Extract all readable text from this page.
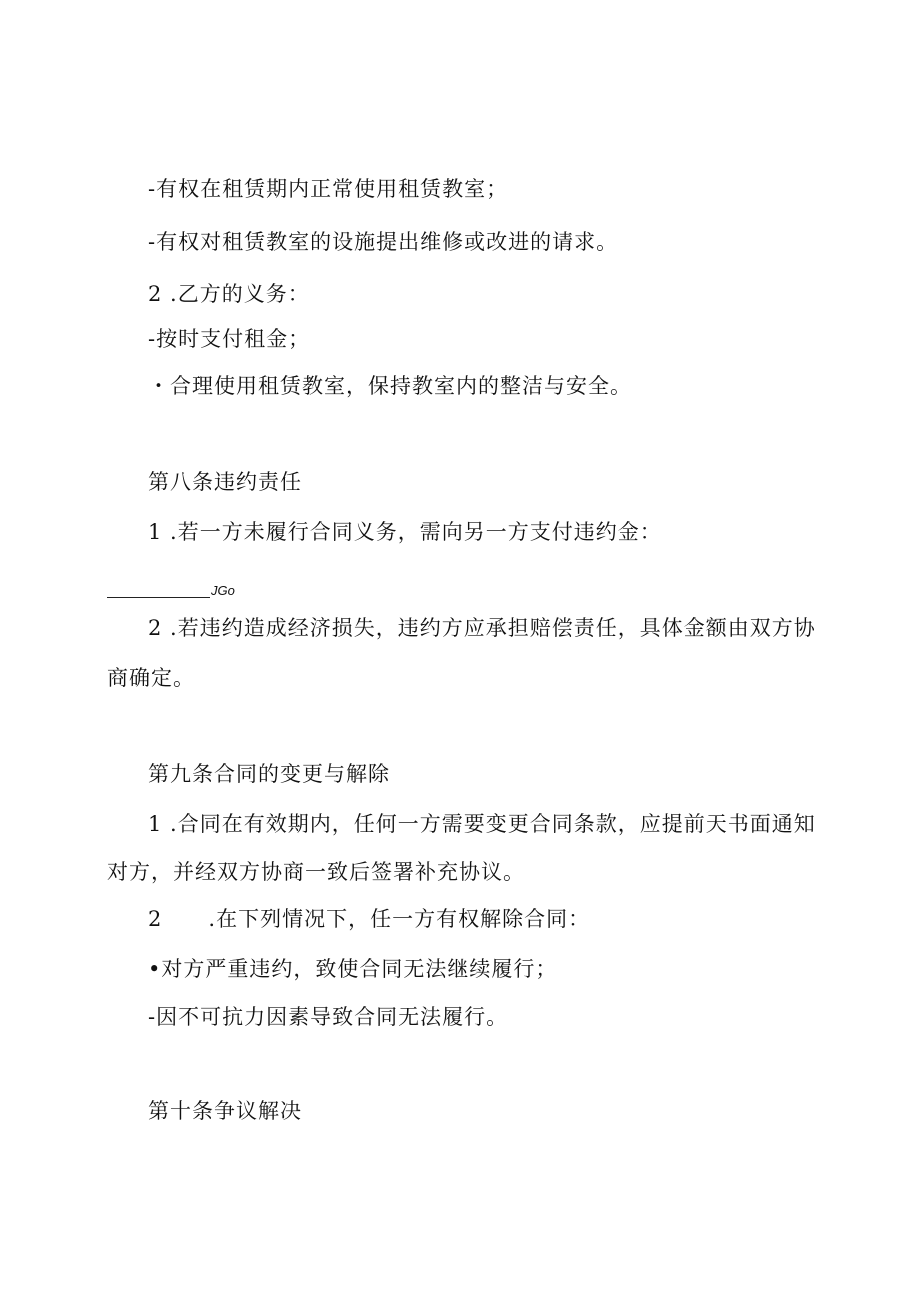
-有权在租赁期内正常使用租赁教室；
-有权对租赁教室的设施提出维修或改进的请求。
2 .乙方的义务：
-按时支付租金；
・合理使用租赁教室，保持教室内的整洁与安全。
第八条违约责任
1 .若一方未履行合同义务，需向另一方支付违约金：
JGo
2 .若违约造成经济损失，违约方应承担赔偿责任，具体金额由双方协
商确定。
第九条合同的变更与解除
1 .合同在有效期内，任何一方需要变更合同条款，应提前天书面通知
对方，并经双方协商一致后签署补充协议。
2      .在下列情况下，任一方有权解除合同：
•对方严重违约，致使合同无法继续履行；
-因不可抗力因素导致合同无法履行。
第十条争议解决
